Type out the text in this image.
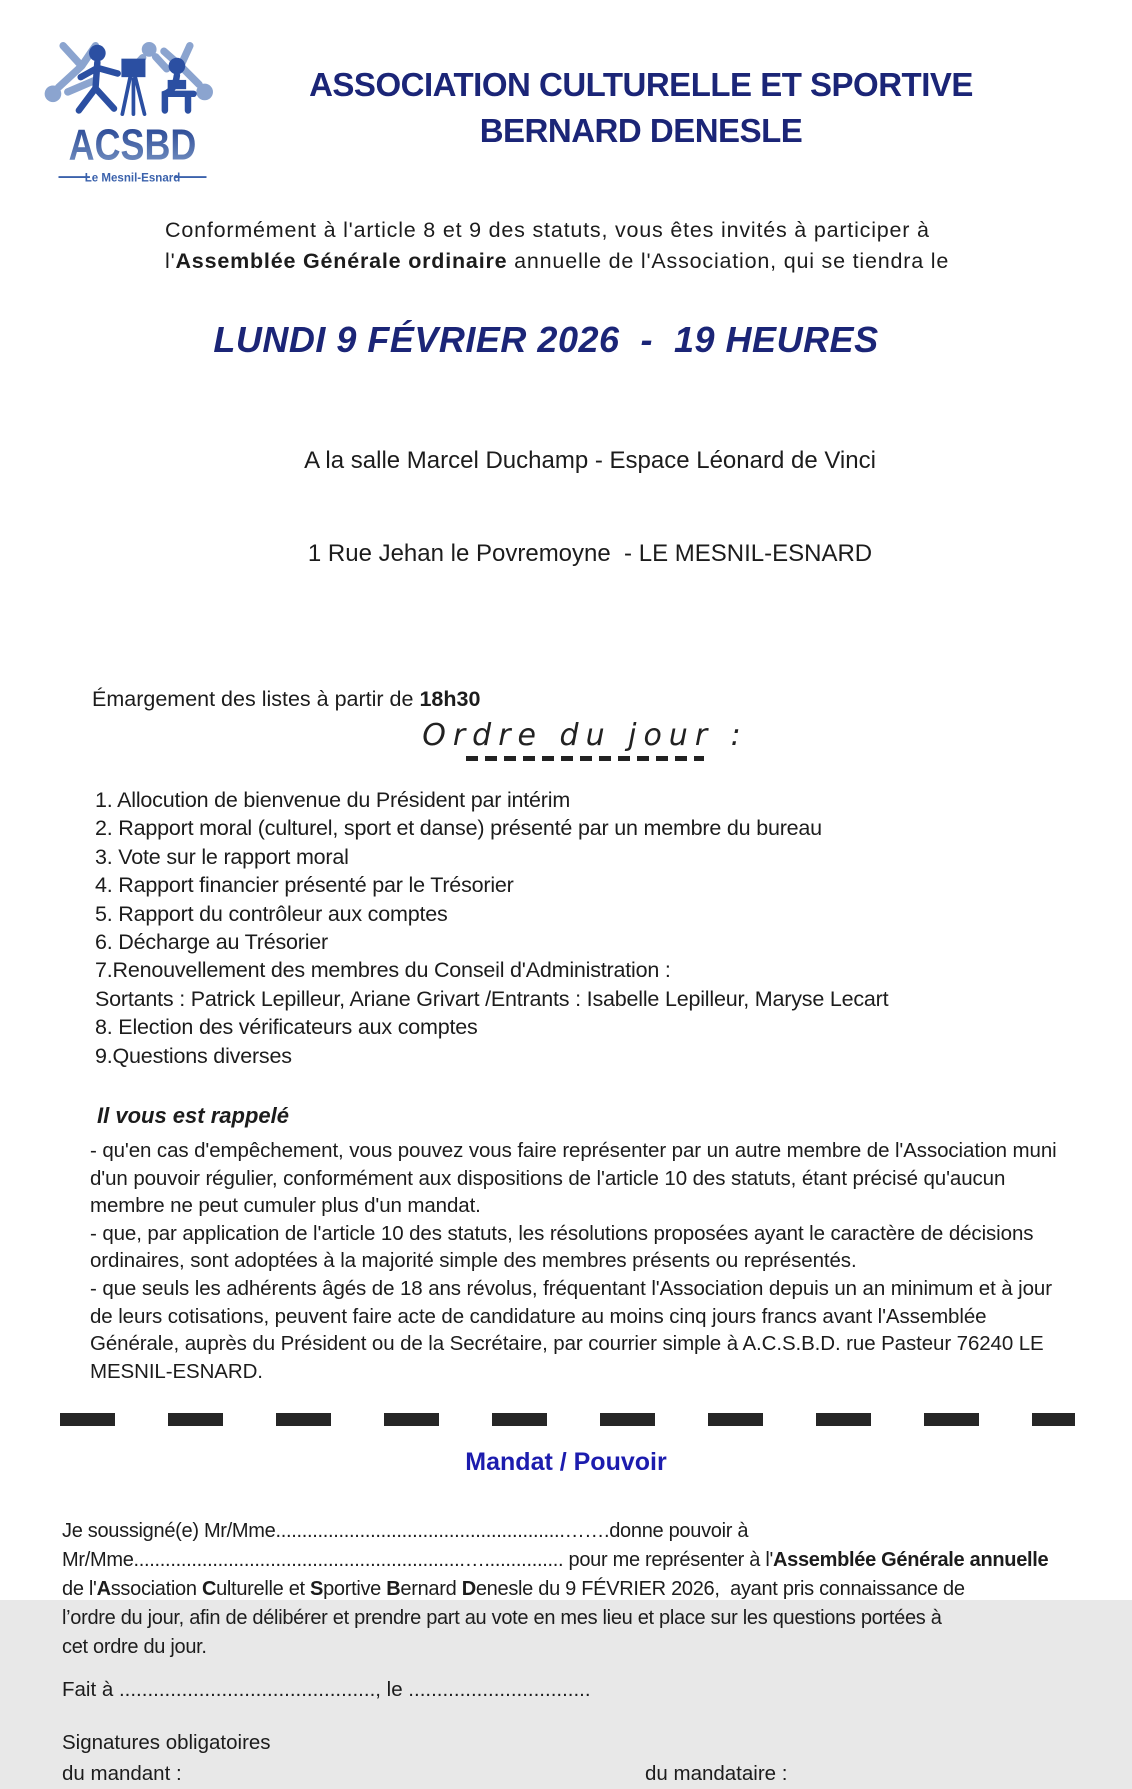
ACSBD
Le Mesnil-Esnard
ASSOCIATION CULTURELLE ET SPORTIVE
BERNARD DENESLE
Conformément à l'article 8 et 9 des statuts, vous êtes invités à participer à
l'Assemblée Générale ordinaire annuelle de l'Association, qui se tiendra le
LUNDI 9 FÉVRIER 2026  -  19 HEURES

A la salle Marcel Duchamp - Espace Léonard de Vinci

1 Rue Jehan le Povremoyne  - LE MESNIL-ESNARD

Émargement des listes à partir de 18h30
Ordre du jour :
1. Allocution de bienvenue du Président par intérim
2. Rapport moral (culturel, sport et danse) présenté par un membre du bureau
3. Vote sur le rapport moral
4. Rapport financier présenté par le Trésorier
5. Rapport du contrôleur aux comptes
6. Décharge au Trésorier
7.Renouvellement des membres du Conseil d'Administration :
Sortants : Patrick Lepilleur, Ariane Grivart /Entrants : Isabelle Lepilleur, Maryse Lecart
8. Election des vérificateurs aux comptes
9.Questions diverses
Il vous est rappelé

- qu'en cas d'empêchement, vous pouvez vous faire représenter par un autre membre de l'Association muni d'un pouvoir régulier, conformément aux dispositions de l'article 10 des statuts, étant précisé qu'aucun membre ne peut cumuler plus d'un mandat.

- que, par application de l'article 10 des statuts, les résolutions proposées ayant le caractère de décisions ordinaires, sont adoptées à la majorité simple des membres présents ou représentés.

- que seuls les adhérents âgés de 18 ans révolus, fréquentant l'Association depuis un an minimum et à jour de leurs cotisations, peuvent faire acte de candidature au moins cinq jours francs avant l'Assemblée Générale, auprès du Président ou de la Secrétaire, par courrier simple à A.C.S.B.D. rue Pasteur 76240 LE MESNIL-ESNARD.

Mandat / Pouvoir
Je soussigné(e) Mr/Mme.......................................................…….donne pouvoir à
Mr/Mme...............................................................…............... pour me représenter à l'Assemblée Générale annuelle
de l'Association Culturelle et Sportive Bernard Denesle du 9 FÉVRIER 2026,  ayant pris connaissance de
l’ordre du jour, afin de délibérer et prendre part au vote en mes lieu et place sur les questions portées à
cet ordre du jour.
Fait à ............................................., le ................................
Signatures obligatoires
du mandant :	du mandataire :
